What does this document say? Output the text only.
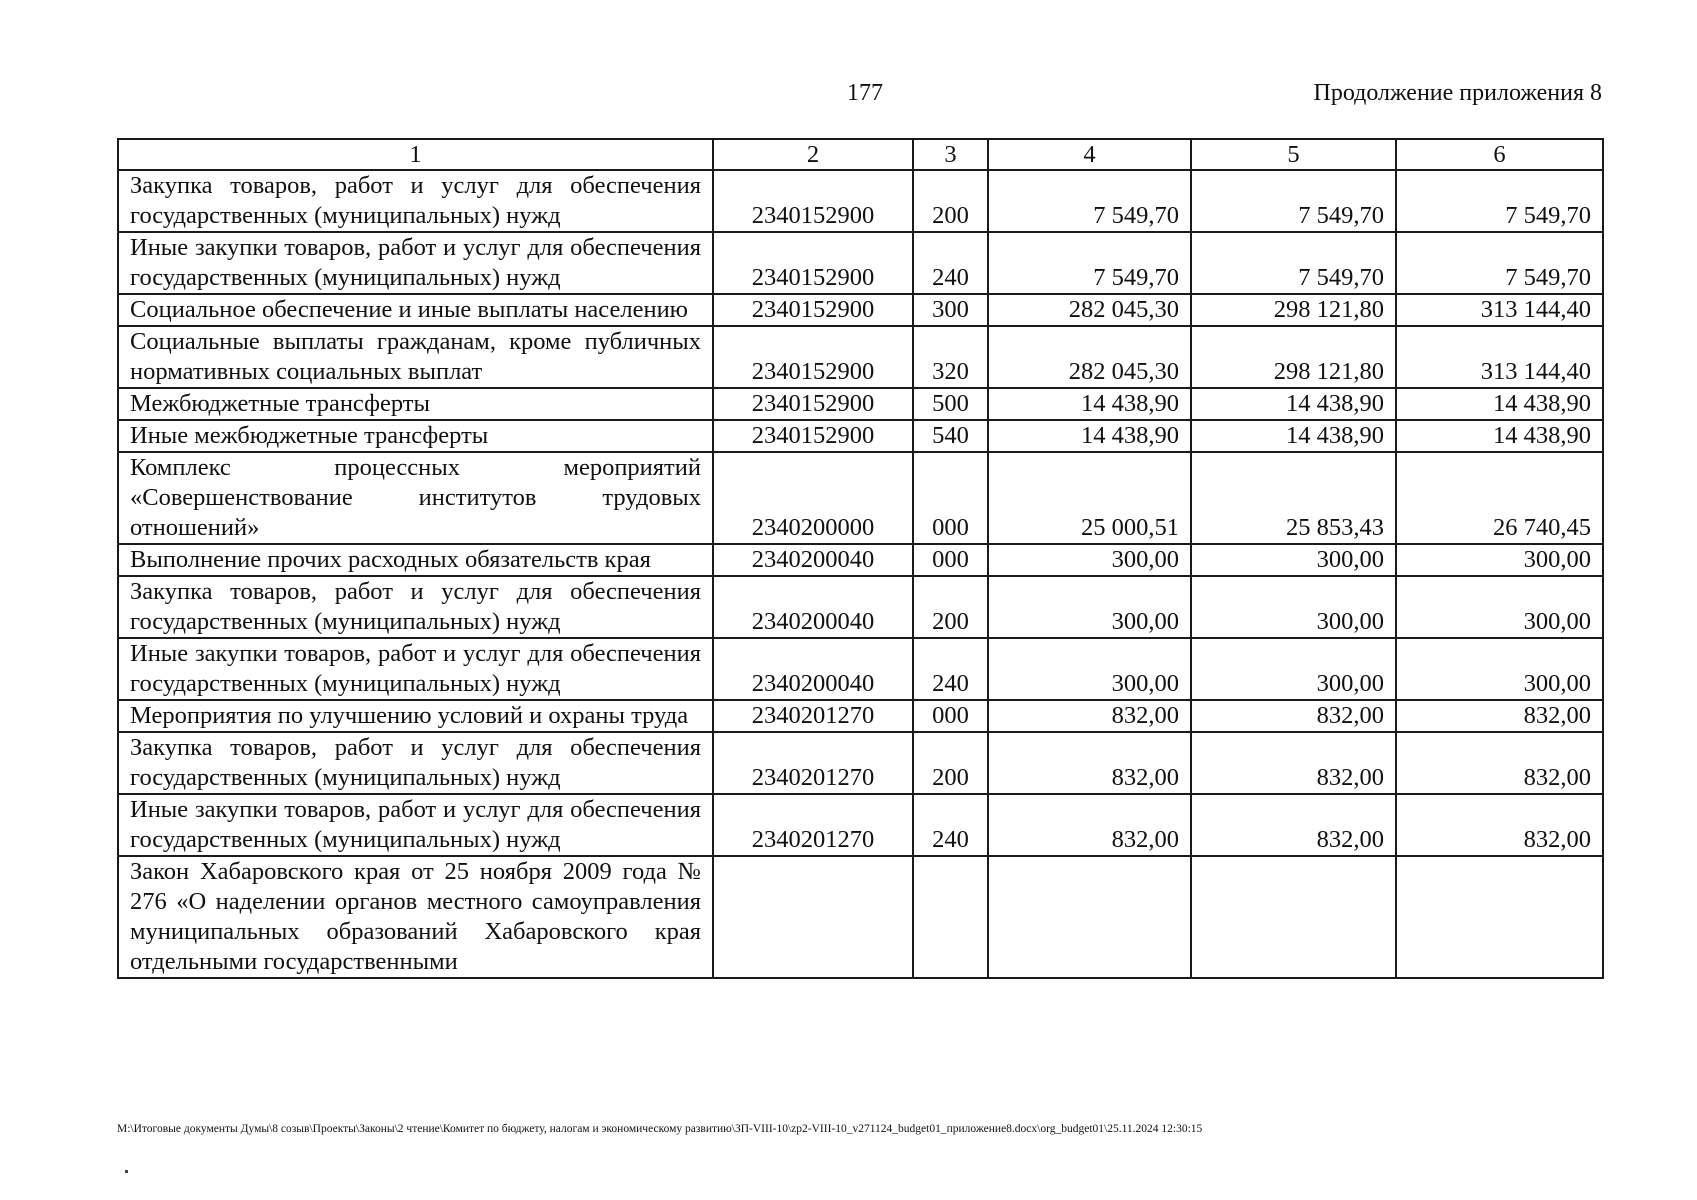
177	Продолжение приложения 8
1	2	3	4	5	6
Закупка товаров, работ и услуг для обеспечения государственных (муниципальных) нужд	2340152900	200	7 549,70	7 549,70	7 549,70
Иные закупки товаров, работ и услуг для обеспечения государственных (муниципальных) нужд	2340152900	240	7 549,70	7 549,70	7 549,70
Социальное обеспечение и иные выплаты населению	2340152900	300	282 045,30	298 121,80	313 144,40
Социальные выплаты гражданам, кроме публичных нормативных социальных выплат	2340152900	320	282 045,30	298 121,80	313 144,40
Межбюджетные трансферты	2340152900	500	14 438,90	14 438,90	14 438,90
Иные межбюджетные трансферты	2340152900	540	14 438,90	14 438,90	14 438,90
Комплекс процессных мероприятий «Совершенствование институтов трудовых отношений»	2340200000	000	25 000,51	25 853,43	26 740,45
Выполнение прочих расходных обязательств края	2340200040	000	300,00	300,00	300,00
Закупка товаров, работ и услуг для обеспечения государственных (муниципальных) нужд	2340200040	200	300,00	300,00	300,00
Иные закупки товаров, работ и услуг для обеспечения государственных (муниципальных) нужд	2340200040	240	300,00	300,00	300,00
Мероприятия по улучшению условий и охраны труда	2340201270	000	832,00	832,00	832,00
Закупка товаров, работ и услуг для обеспечения государственных (муниципальных) нужд	2340201270	200	832,00	832,00	832,00
Иные закупки товаров, работ и услуг для обеспечения государственных (муниципальных) нужд	2340201270	240	832,00	832,00	832,00
Закон Хабаровского края от 25 ноября 2009 года № 276 «О наделении органов местного самоуправления муниципальных образований Хабаровского края отдельными государственными					
M:\Итоговые документы Думы\8 созыв\Проекты\Законы\2 чтение\Комитет по бюджету, налогам и экономическому развитию\ЗП-VIII-10\zp2-VIII-10_v271124_budget01_приложение8.docx\org_budget01\25.11.2024 12:30:15
